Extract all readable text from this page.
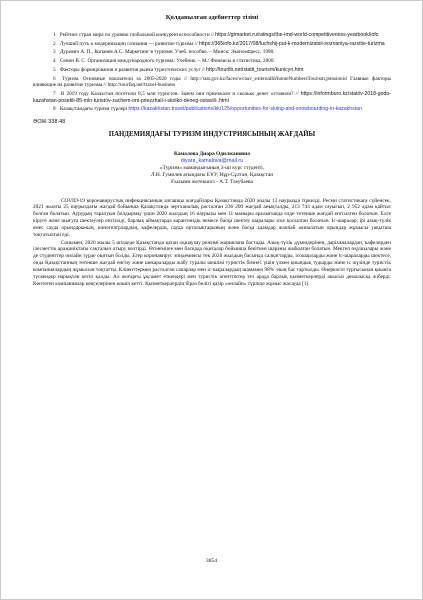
Қолданылған әдебиеттер тізімі
1 Рейтинг стран мира по уровню глобальной конкурентоспособности // https://gtmarket.ru/ratings/the-imd-world-competitiveness-yearbook/info
2 Лучший путь к модернизации сознания — развитие туризма // https://365info.kz/2017/08/luchshij-put-k-modernizatsii-soznaniya-razvitie-turizma
3 Дурович А. П., Копанев А.С. Маркетинг в туризме: Учеб. пособие. – Минск: Экономпресс, 1998.
4 Сенин В. С. Организация международного туризма: Учебник. – М.: Финансы и статистика, 2000.
5 Факторы формирования и развития рынка туристических услуг // http://tourlib.net/statti_tourism/kunicyn.htm
6 Туризм. Основные показатели за 2005-2020 годы // http://stat.gov.kz/faces/wcnav_externalId/homeNumbersTourism;jsessionid Главные факторы влияющие на развитие туризма // http://tourfaq.net/travel-business
7 В 2019 году Казахстан посетили 8,5 млн туристов. Зачем они приезжали и сколько денег оставили? // https://informburo.kz/stati/v-2018-godu-kazahstan-posetili-85-mln-turistov-zachem-oni-priezzhali-i-skolko-deneg-ostavili-.html
8 Казақстандағы туризм түрлері https://kazakhstan.travel/publications/kk/125/opportunities-for-skiing-and-snowboarding-in-kazakhstan
ӘОЖ 338.48
ПАНДЕМИЯДАҒЫ ТУРИЗМ ИНДУСТРИЯСЫНЫҢ ЖАҒДАЙЫ
Камалова Диара Одилжановна
diyara_kamalova@mail.ru
«Туризм» мамандығының 3-ші курс студенті,
Л.Н. Гумилев атындағы ЕҰУ, Нұр-Сұлтан, Қазақстан
Ғылыми жетекшісі - А.Т. Тлеубаева

COVID-19 коронавирустық инфекциясының алғашқы жағдайлары Қазақстанда 2020 жылы 13 наурызда тіркелді. Ресми статистикаға сүйенсек, 2021 жылғы 25 наурыздағы жағдай бойынша Қазақстанда зертханалық расталған 236 200 жағдай анықталды, 213 743 адам сауығып, 2 952 адам қайтыс болған болатын. Аурудың таралуын болдырмау үшін 2020 жылдың 16 наурызы мен 11 мамыры аралығында елде төтенше жағдай енгізілген болатын. Елге кіруге және шығуға шектеулер енгізілді, барлық аймақтарда карантиндік немесе басқа шектеу шаралары іске қосылған болатын. Іс-шаралар, ірі азық-түлік емес сауда орындарының, кинотеатрлардың, кафелердің, сауда орталықтарының және басқа адамдар жаппай жиналатын орындар жұмысы уақытша тоқтатылған еді.

Сонымен, 2020 жылы 5 шілдеде Қазақстанда қатаң оқшаулау режимі жариялана бастады. Азық-түлік дүкендерінен, дәріханалардан, кафелерден ілесметтік аражаиіктағы сақталып отыру келтірді. Өтінемізғе мен басқада оқиғалар бойынша бекіткен шараны жабылған болатын. Мектеп оқушылары және де студенттер онлайн түрде оқитын болды. Егер коронавирус эпидемиясы тек 2020 жылдың басында салқаттарды, ісошарларды және іс-шараларды шектесе, онда Қазақстанның төтенше жағдай енгізу және шекараларды жабу туралы шешімі туристік бизнес үшін үлкен қиындық тудырды және іс жүзінде туристік компаниялардың жұмысын тоқтатты. Клиенттермен расталған сапарлар мен іс-шаралардың шамамен 98% -ның бас тартылды. Өнеркәсіп түрғысынан қиынға түскендер нарықтан кетіп қалды. Ал жоғарғы ұқсамет еткендері мен туристік агенттіктер тез арада барлық қызметкерлерді әкысыз демалысқа жіберді. Көптеген компаниялар кеңселерінен көшіп кетті. Қызметкерлердің біраз бөлігі қазір «онлайн» түрінде жұмыс жасауда [1].

3854
